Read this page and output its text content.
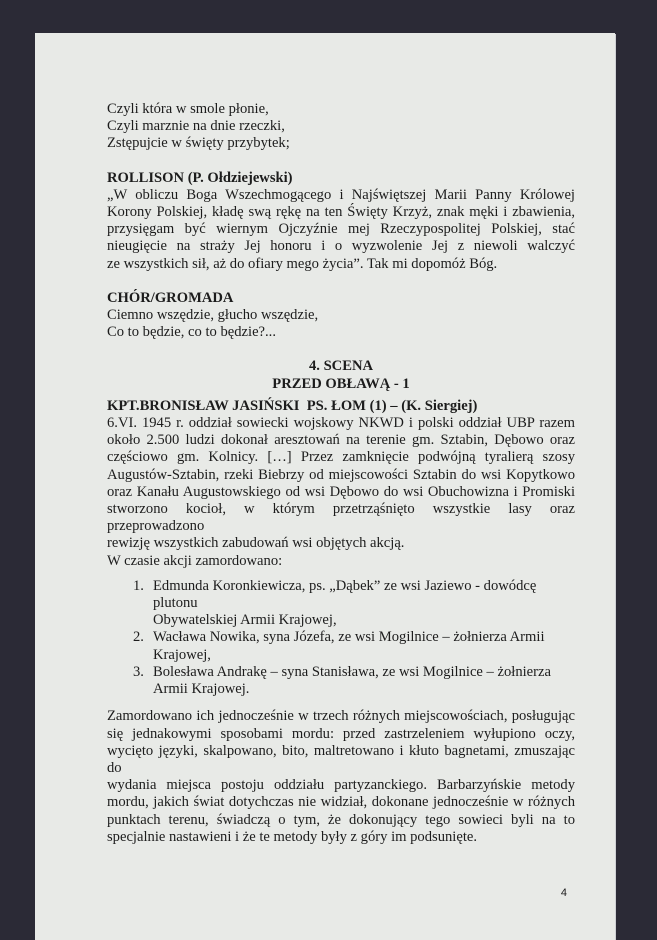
Czyli która w smole płonie,
Czyli marznie na dnie rzeczki,
Zstępujcie w święty przybytek;
ROLLISON (P. Ołdziejewski)
„W obliczu Boga Wszechmogącego i Najświętszej Marii Panny Królowej
Korony Polskiej, kładę swą rękę na ten Święty Krzyż, znak męki i zbawienia,
przysięgam być wiernym Ojczyźnie mej Rzeczypospolitej Polskiej, stać
nieugięcie na straży Jej honoru i o wyzwolenie Jej z niewoli walczyć
ze wszystkich sił, aż do ofiary mego życia”. Tak mi dopomóż Bóg.
CHÓR/GROMADA
Ciemno wszędzie, głucho wszędzie,
Co to będzie, co to będzie?...
4. SCENA
PRZED OBŁAWĄ - 1
KPT.BRONISŁAW JASIŃSKI  PS. ŁOM (1) – (K. Siergiej)
6.VI. 1945 r. oddział sowiecki wojskowy NKWD i polski oddział UBP razem
około 2.500 ludzi dokonał aresztowań na terenie gm. Sztabin, Dębowo oraz
częściowo gm. Kolnicy. […] Przez zamknięcie podwójną tyralierą szosy
Augustów-Sztabin, rzeki Biebrzy od miejscowości Sztabin do wsi Kopytkowo
oraz Kanału Augustowskiego od wsi Dębowo do wsi Obuchowizna i Promiski
stworzono kocioł, w którym przetrząśnięto wszystkie lasy oraz przeprowadzono
rewizję wszystkich zabudowań wsi objętych akcją.
W czasie akcji zamordowano:
1. Edmunda Koronkiewicza, ps. „Dąbek” ze wsi Jaziewo - dowódcę plutonu
Obywatelskiej Armii Krajowej,
2. Wacława Nowika, syna Józefa, ze wsi Mogilnice – żołnierza Armii
Krajowej,
3. Bolesława Andrakę – syna Stanisława, ze wsi Mogilnice – żołnierza
Armii Krajowej.
Zamordowano ich jednocześnie w trzech różnych miejscowościach, posługując
się jednakowymi sposobami mordu: przed zastrzeleniem wyłupiono oczy,
wycięto języki, skalpowano, bito, maltretowano i kłuto bagnetami, zmuszając do
wydania miejsca postoju oddziału partyzanckiego. Barbarzyńskie metody
mordu, jakich świat dotychczas nie widział, dokonane jednocześnie w różnych
punktach terenu, świadczą o tym, że dokonujący tego sowieci byli na to
specjalnie nastawieni i że te metody były z góry im podsunięte.
4
